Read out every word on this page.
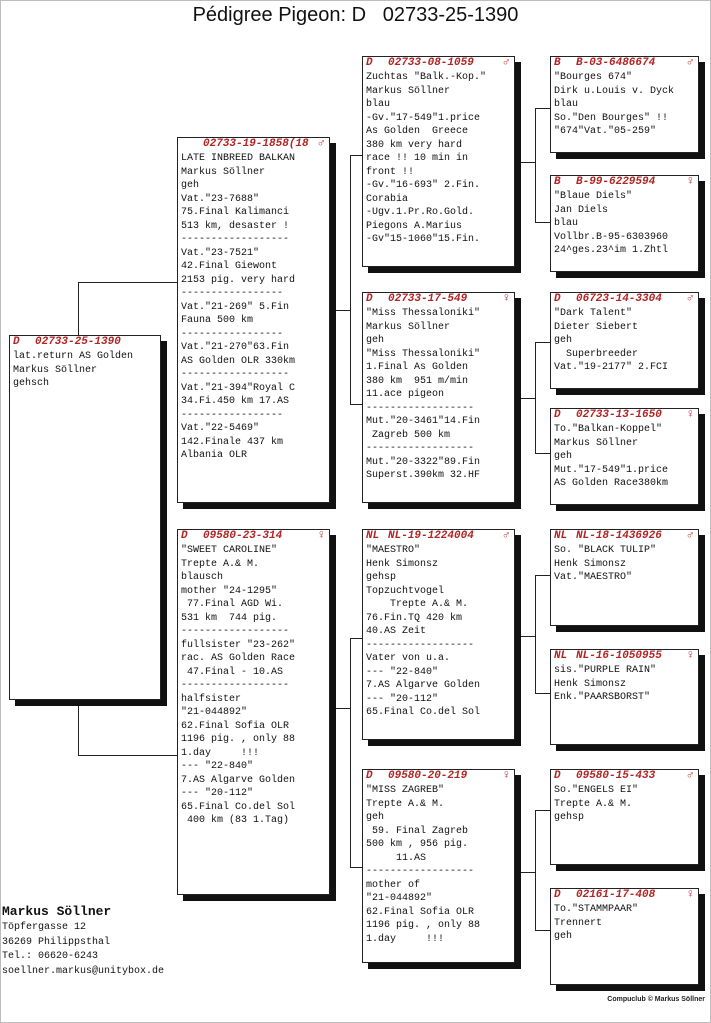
Pédigree Pigeon: D   02733-25-1390
D 02733-25-1390
lat.return AS Golden
Markus Söllner
gehsch
02733-19-1858(18 ♂
LATE INBREED BALKAN
Markus Söllner
geh
Vat."23-7688"
75.Final Kalimanci
513 km, desaster !
------------------
Vat."23-7521"
42.Final Giewont
2153 pig. very hard
-----------------
Vat."21-269" 5.Fin
Fauna 500 km
-----------------
Vat."21-270"63.Fin
AS Golden OLR 330km
------------------
Vat."21-394"Royal C
34.Fi.450 km 17.AS
-----------------
Vat."22-5469"
142.Finale 437 km
Albania OLR
D 09580-23-314	♀
"SWEET CAROLINE"
Trepte A.& M.
blausch
mother "24-1295"
77.Final AGD Wi.
531 km  744 pig.
------------------
fullsister "23-262"
rac. AS Golden Race
47.Final - 10.AS
------------------
halfsister
"21-044892"
62.Final Sofia OLR
1196 pig. , only 88
1.day     !!!
--- "22-840"
7.AS Algarve Golden
--- "20-112"
65.Final Co.del Sol
400 km (83 1.Tag)
D 02733-08-1059 ♂
Zuchtas "Balk.-Kop."
Markus Söllner
blau
-Gv."17-549"1.price
As Golden  Greece
380 km very hard
race !! 10 min in
front !!
-Gv."16-693" 2.Fin.
Corabia
-Ugv.1.Pr.Ro.Gold.
Piegons A.Marius
-Gv"15-1060"15.Fin.
D 02733-17-549	♀
"Miss Thessaloniki"
Markus Söllner
geh
"Miss Thessaloniki"
1.Final As Golden
380 km  951 m/min
11.ace pigeon
------------------
Mut."20-3461"14.Fin
Zagreb 500 km
------------------
Mut."20-3322"89.Fin
Superst.390km 32.HF
NL NL-19-1224004 ♂
"MAESTRO"
Henk Simonsz
gehsp
Topzuchtvogel
Trepte A.& M.
76.Fin.TQ 420 km
40.AS Zeit
------------------
Vater von u.a.
--- "22-840"
7.AS Algarve Golden
--- "20-112"
65.Final Co.del Sol
D 09580-20-219	♀
"MISS ZAGREB"
Trepte A.& M.
geh
59. Final Zagreb
500 km , 956 pig.
11.AS
------------------
mother of
"21-044892"
62.Final Sofia OLR
1196 pig. , only 88
1.day     !!!
B B-03-6486674	♂
"Bourges 674"
Dirk u.Louis v. Dyck
blau
So."Den Bourges" !!
"674"Vat."05-259"
B B-99-6229594	♀
"Blaue Diels"
Jan Diels
blau
Vollbr.B-95-6303960
24^ges.23^im 1.Zhtl
D 06723-14-3304 ♂
"Dark Talent"
Dieter Siebert
geh
Superbreeder
Vat."19-2177" 2.FCI
D 02733-13-1650 ♀
To."Balkan-Koppel"
Markus Söllner
geh
Mut."17-549"1.price
AS Golden Race380km
NL NL-18-1436926 ♂
So. "BLACK TULIP"
Henk Simonsz
Vat."MAESTRO"
NL NL-16-1050955 ♀
sis."PURPLE RAIN"
Henk Simonsz
Enk."PAARSBORST"
D 09580-15-433	♂
So."ENGELS EI"
Trepte A.& M.
gehsp
D 02161-17-408	♀
To."STAMMPAAR"
Trennert
geh
Markus Söllner
Töpfergasse 12
36269 Philippsthal
Tel.: 06620-6243
soellner.markus@unitybox.de
Compuclub © Markus Söllner
